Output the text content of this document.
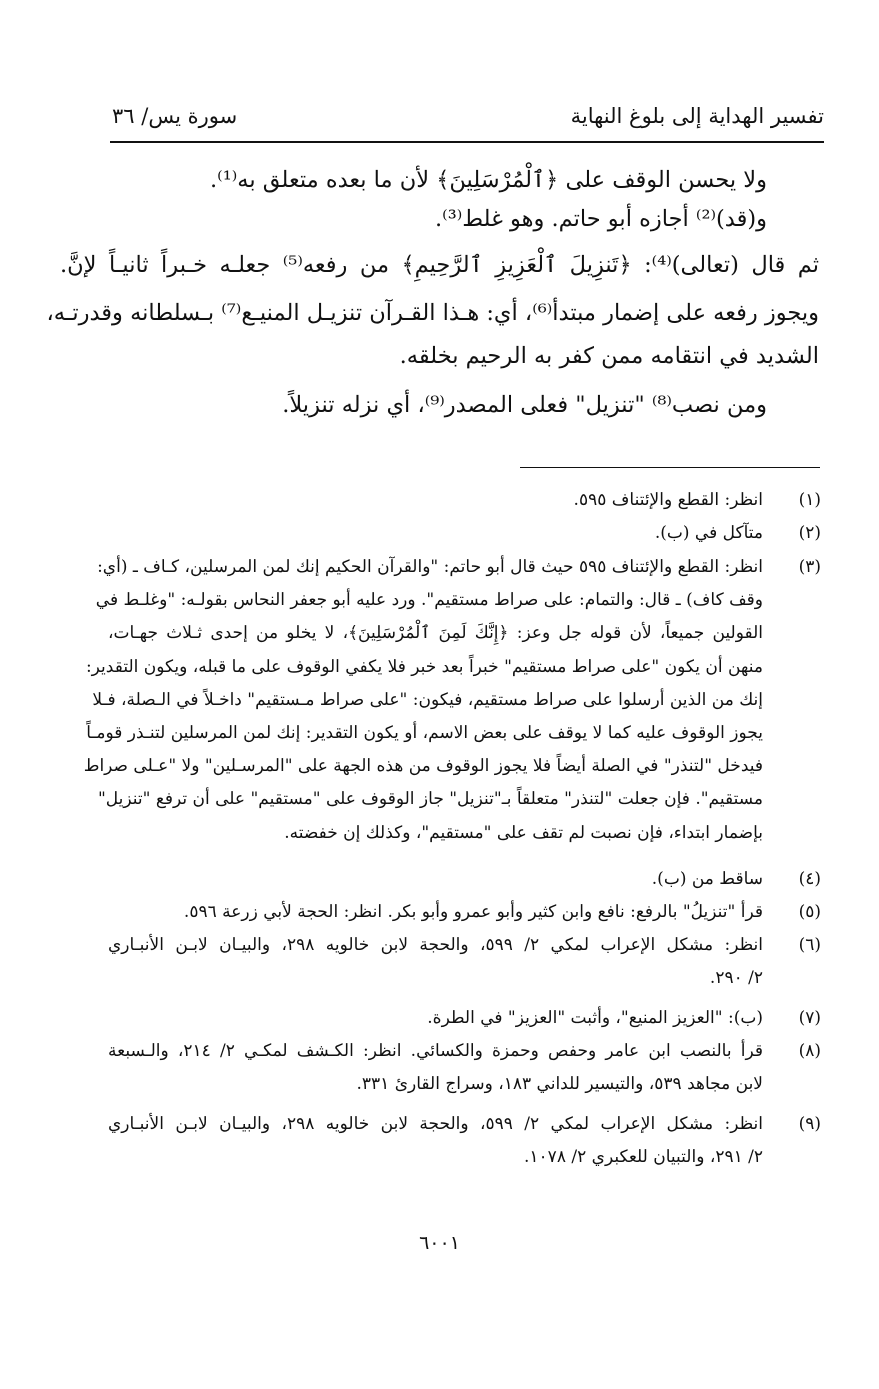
تفسير الهداية إلى بلوغ النهاية
سورة يس/ ٣٦
ولا يحسن الوقف على ﴿ٱلْمُرْسَلِينَ﴾ لأن ما بعده متعلق به⁽¹⁾.
و(قد)⁽²⁾ أجازه أبو حاتم. وهو غلط⁽³⁾.
ثم قال (تعالى)⁽⁴⁾: ﴿تَنزِيلَ ٱلْعَزِيزِ ٱلرَّحِيمِ﴾ من رفعه⁽⁵⁾ جعلـه خـبراً ثانيـاً لإنَّ.
ويجوز رفعه على إضمار مبتدأ⁽⁶⁾، أي: هـذا القـرآن تنزيـل المنيـع⁽⁷⁾ بـسلطانه وقدرتـه،
الشديد في انتقامه ممن كفر به الرحيم بخلقه.
ومن نصب⁽⁸⁾ "تنزيل" فعلى المصدر⁽⁹⁾، أي نزله تنزيلاً.
(١)
انظر: القطع والإئتناف ٥٩٥.
(٢)
متآكل في (ب).
(٣)
انظر: القطع والإئتناف ٥٩٥ حيث قال أبو حاتم: "والقرآن الحكيم إنك لمن المرسلين، كـاف ـ (أي:
وقف كاف) ـ قال: والتمام: على صراط مستقيم". ورد عليه أبو جعفر النحاس بقولـه: "وغلـط في
القولين جميعاً، لأن قوله جل وعز: ﴿إِنَّكَ لَمِنَ ٱلْمُرْسَلِينَ﴾، لا يخلو من إحدى ثـلاث جهـات،
منهن أن يكون "على صراط مستقيم" خبراً بعد خبر فلا يكفي الوقوف على ما قبله، ويكون التقدير:
إنك من الذين أرسلوا على صراط مستقيم، فيكون: "على صراط مـستقيم" داخـلاً في الـصلة، فـلا
يجوز الوقوف عليه كما لا يوقف على بعض الاسم، أو يكون التقدير: إنك لمن المرسلين لتنـذر قومـاً
فيدخل "لتنذر" في الصلة أيضاً فلا يجوز الوقوف من هذه الجهة على "المرسـلين" ولا "عـلى صراط
مستقيم". فإن جعلت "لتنذر" متعلقاً بـ"تنزيل" جاز الوقوف على "مستقيم" على أن ترفع "تنزيل"
بإضمار ابتداء، فإن نصبت لم تقف على "مستقيم"، وكذلك إن خفضته.
(٤)
ساقط من (ب).
(٥)
قرأ "تنزيلُ" بالرفع: نافع وابن كثير وأبو عمرو وأبو بكر. انظر: الحجة لأبي زرعة ٥٩٦.
(٦)
انظر: مشكل الإعراب لمكي ٢/ ٥٩٩، والحجة لابن خالويه ٢٩٨، والبيـان لابـن الأنبـاري
٢/ ٢٩٠.
(٧)
(ب): "العزيز المنيع"، وأثبت "العزيز" في الطرة.
(٨)
قرأ بالنصب ابن عامر وحفص وحمزة والكسائي. انظر: الكـشف لمكـي ٢/ ٢١٤، والـسبعة
لابن مجاهد ٥٣٩، والتيسير للداني ١٨٣، وسراج القارئ ٣٣١.
(٩)
انظر: مشكل الإعراب لمكي ٢/ ٥٩٩، والحجة لابن خالويه ٢٩٨، والبيـان لابـن الأنبـاري
٢/ ٢٩١، والتبيان للعكبري ٢/ ١٠٧٨.
٦٠٠١
